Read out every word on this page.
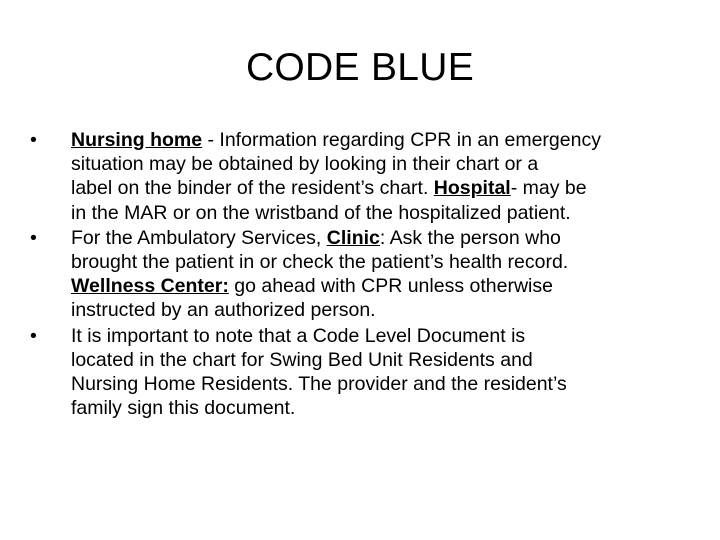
CODE BLUE
•	Nursing home - Information regarding CPR in an emergency
situation may be obtained by looking in their chart or a
label on the binder of the resident’s chart. Hospital- may be
in the MAR or on the wristband of the hospitalized patient.
•	For the Ambulatory Services, Clinic: Ask the person who
brought the patient in or check the patient’s health record.
Wellness Center: go ahead with CPR unless otherwise
instructed by an authorized person.
•	It is important to note that a Code Level Document is
located in the chart for Swing Bed Unit Residents and
Nursing Home Residents. The provider and the resident’s
family sign this document.
